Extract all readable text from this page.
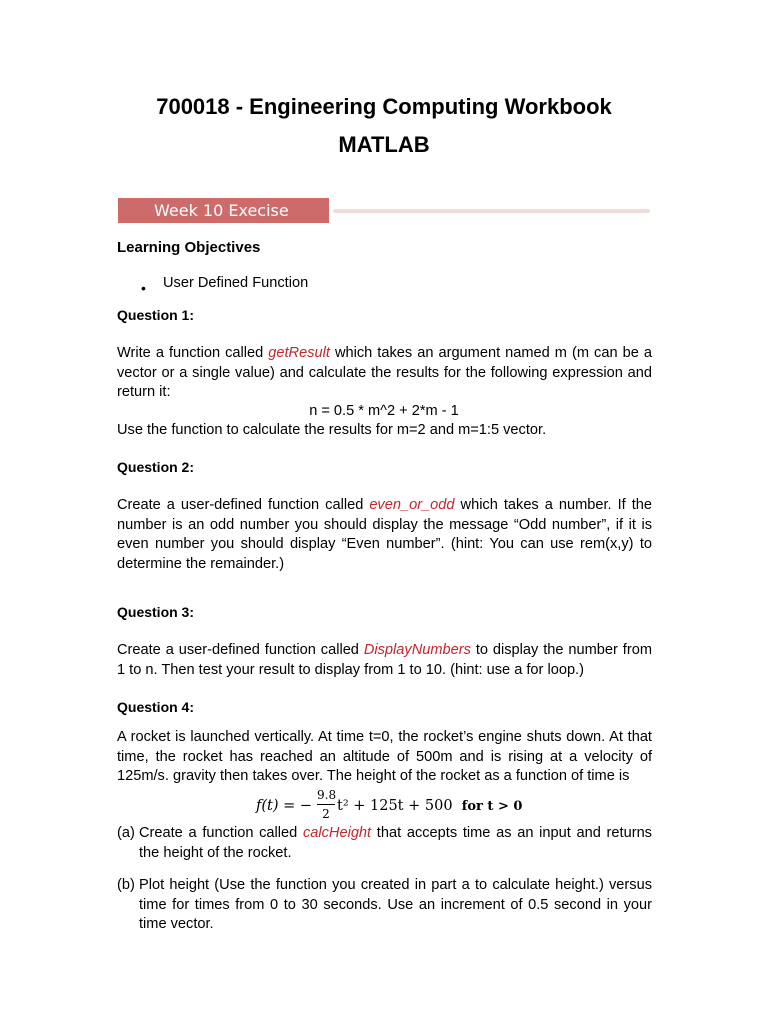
700018 - Engineering Computing Workbook
MATLAB
Week 10 Execise
Learning Objectives
• User Defined Function
Question 1:
Write a function called getResult which takes an argument named m (m can be a vector or a single value) and calculate the results for the following expression and return it:
n = 0.5 * m^2 + 2*m - 1
Use the function to calculate the results for m=2 and m=1:5 vector.
Question 2:
Create a user-defined function called even_or_odd which takes a number. If the number is an odd number you should display the message “Odd number”, if it is even number you should display “Even number”. (hint: You can use rem(x,y) to determine the remainder.)
Question 3:
Create a user-defined function called DisplayNumbers to display the number from 1 to n. Then test your result to display from 1 to 10. (hint: use a for loop.)
Question 4:
A rocket is launched vertically. At time t=0, the rocket’s engine shuts down. At that time, the rocket has reached an altitude of 500m and is rising at a velocity of 125m/s. gravity then takes over. The height of the rocket as a function of time is
𝑓(𝑡) = −
9.8
2 t² + 125t + 500 for t > 0
(a) Create a function called calcHeight that accepts time as an input and returns the height of the rocket.
(b) Plot height (Use the function you created in part a to calculate height.) versus time for times from 0 to 30 seconds. Use an increment of 0.5 second in your time vector.
